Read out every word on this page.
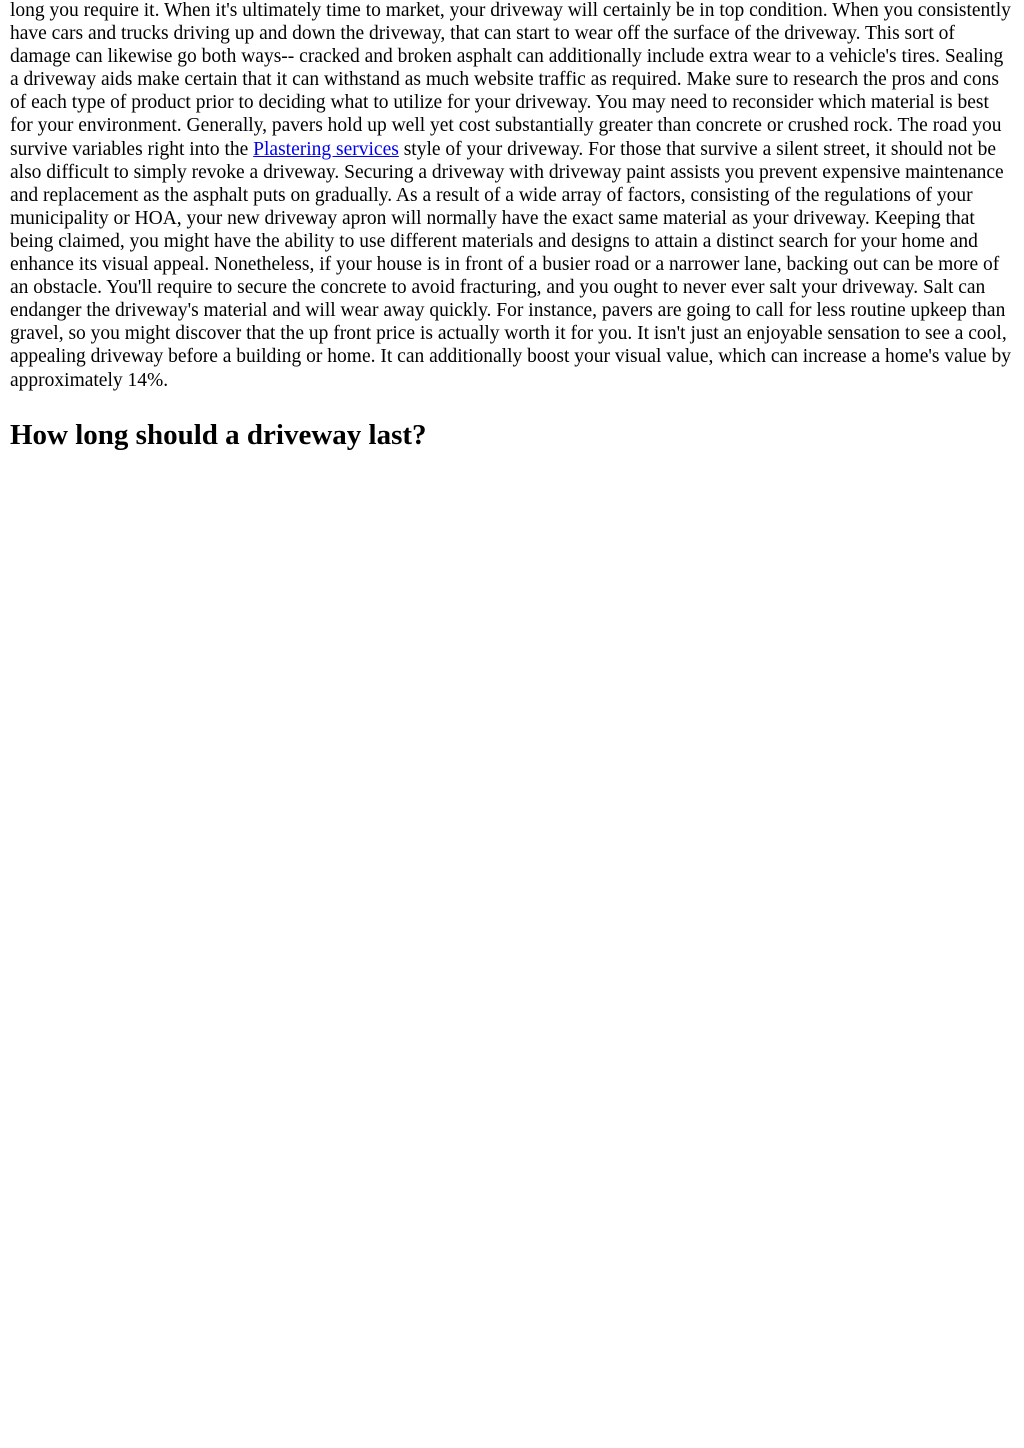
long you require it. When it's ultimately time to market, your driveway will certainly be in top condition. When you consistently have cars and trucks driving up and down the driveway, that can start to wear off the surface of the driveway. This sort of damage can likewise go both ways-- cracked and broken asphalt can additionally include extra wear to a vehicle's tires. Sealing a driveway aids make certain that it can withstand as much website traffic as required. Make sure to research the pros and cons of each type of product prior to deciding what to utilize for your driveway. You may need to reconsider which material is best for your environment. Generally, pavers hold up well yet cost substantially greater than concrete or crushed rock. The road you survive variables right into the Plastering services style of your driveway. For those that survive a silent street, it should not be also difficult to simply revoke a driveway. Securing a driveway with driveway paint assists you prevent expensive maintenance and replacement as the asphalt puts on gradually. As a result of a wide array of factors, consisting of the regulations of your municipality or HOA, your new driveway apron will normally have the exact same material as your driveway. Keeping that being claimed, you might have the ability to use different materials and designs to attain a distinct search for your home and enhance its visual appeal. Nonetheless, if your house is in front of a busier road or a narrower lane, backing out can be more of an obstacle. You'll require to secure the concrete to avoid fracturing, and you ought to never ever salt your driveway. Salt can endanger the driveway's material and will wear away quickly. For instance, pavers are going to call for less routine upkeep than gravel, so you might discover that the up front price is actually worth it for you. It isn't just an enjoyable sensation to see a cool, appealing driveway before a building or home. It can additionally boost your visual value, which can increase a home's value by approximately 14%.

How long should a driveway last?
